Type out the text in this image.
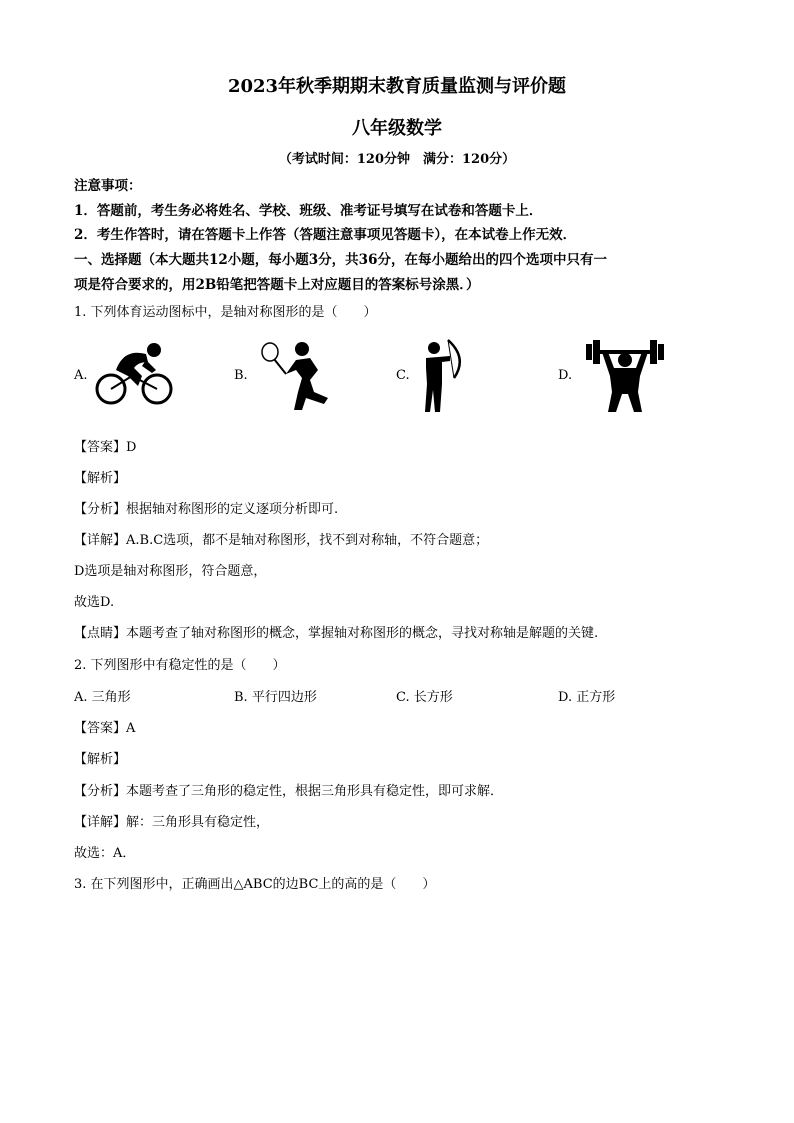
2023年秋季期期末教育质量监测与评价题
八年级数学
（考试时间：120分钟　满分：120分）
注意事项：
1．答题前，考生务必将姓名、学校、班级、准考证号填写在试卷和答题卡上．
2．考生作答时，请在答题卡上作答（答题注意事项见答题卡），在本试卷上作无效．
一、选择题（本大题共12小题，每小题3分，共36分，在每小题给出的四个选项中只有一
项是符合要求的，用2B铅笔把答题卡上对应题目的答案标号涂黑．）
1. 下列体育运动图标中，是轴对称图形的是（　　）
A.	B.	C.	D.
【答案】D
【解析】
【分析】根据轴对称图形的定义逐项分析即可.
【详解】A.B.C选项，都不是轴对称图形，找不到对称轴，不符合题意；
D选项是轴对称图形，符合题意，
故选D.
【点睛】本题考查了轴对称图形的概念，掌握轴对称图形的概念，寻找对称轴是解题的关键.
2. 下列图形中有稳定性的是（　　）
A. 三角形	B. 平行四边形	C. 长方形	D. 正方形
【答案】A
【解析】
【分析】本题考查了三角形的稳定性，根据三角形具有稳定性，即可求解．
【详解】解：三角形具有稳定性，
故选：A．
3. 在下列图形中，正确画出△ABC的边BC上的高的是（　　）
